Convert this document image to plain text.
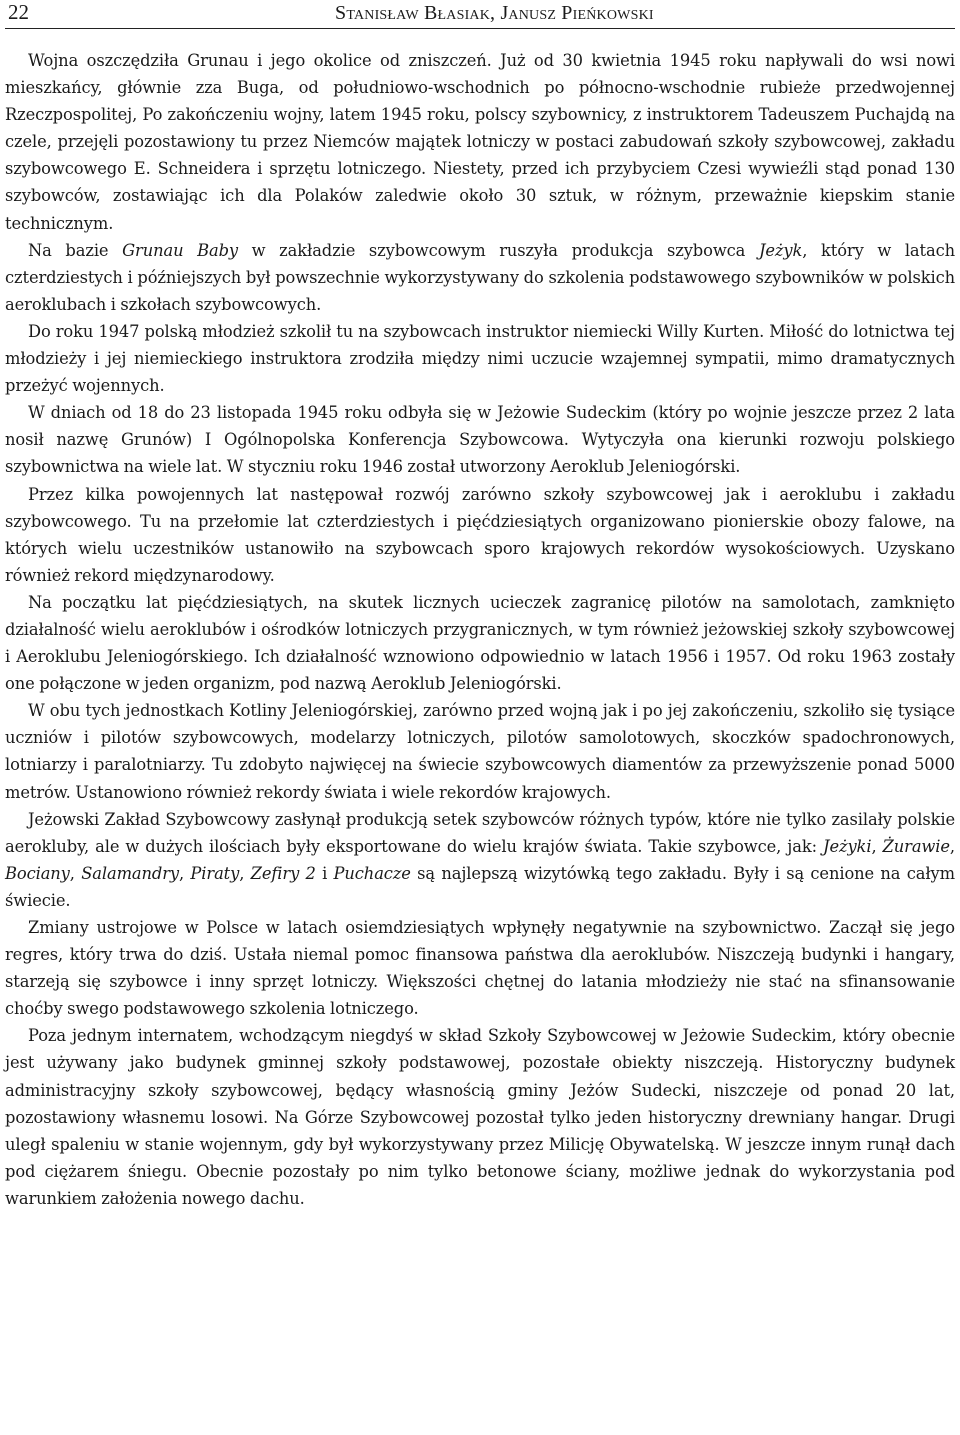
22	Stanisław Błasiak, Janusz Pieńkowski

Wojna oszczędziła Grunau i jego okolice od zniszczeń. Już od 30 kwietnia 1945 roku napływali do wsi nowi mieszkańcy, głównie zza Buga, od południowo-wschodnich po północno-wschodnie rubieże przedwojennej Rzeczpospolitej, Po zakończeniu wojny, latem 1945 roku, polscy szybownicy, z instruktorem Tadeuszem Puchajdą na czele, przejęli pozostawiony tu przez Niemców majątek lotniczy w postaci zabudowań szkoły szybowcowej, zakładu szybowcowego E. Schneidera i sprzętu lotniczego. Niestety, przed ich przybyciem Czesi wywieźli stąd ponad 130 szybowców, zostawiając ich dla Polaków zaledwie około 30 sztuk, w różnym, przeważnie kiepskim stanie technicznym.

Na bazie Grunau Baby w zakładzie szybowcowym ruszyła produkcja szybowca Jeżyk, który w latach czterdziestych i późniejszych był powszechnie wykorzystywany do szkolenia podstawowego szybowników w polskich aeroklubach i szkołach szybowcowych.

Do roku 1947 polską młodzież szkolił tu na szybowcach instruktor niemiecki Willy Kurten. Miłość do lotnictwa tej młodzieży i jej niemieckiego instruktora zrodziła między nimi uczucie wzajemnej sympatii, mimo dramatycznych przeżyć wojennych.

W dniach od 18 do 23 listopada 1945 roku odbyła się w Jeżowie Sudeckim (który po wojnie jeszcze przez 2 lata nosił nazwę Grunów) I Ogólnopolska Konferencja Szybowcowa. Wytyczyła ona kierunki rozwoju polskiego szybownictwa na wiele lat. W styczniu roku 1946 został utworzony Aeroklub Jeleniogórski.

Przez kilka powojennych lat następował rozwój zarówno szkoły szybowcowej jak i aeroklubu i zakładu szybowcowego. Tu na przełomie lat czterdziestych i pięćdziesiątych organizowano pionierskie obozy falowe, na których wielu uczestników ustanowiło na szybowcach sporo krajowych rekordów wysokościowych. Uzyskano również rekord międzynarodowy.

Na początku lat pięćdziesiątych, na skutek licznych ucieczek zagranicę pilotów na samolotach, zamknięto działalność wielu aeroklubów i ośrodków lotniczych przygranicznych, w tym również jeżowskiej szkoły szybowcowej i Aeroklubu Jeleniogórskiego. Ich działalność wznowiono odpowiednio w latach 1956 i 1957. Od roku 1963 zostały one połączone w jeden organizm, pod nazwą Aeroklub Jeleniogórski.

W obu tych jednostkach Kotliny Jeleniogórskiej, zarówno przed wojną jak i po jej zakończeniu, szkoliło się tysiące uczniów i pilotów szybowcowych, modelarzy lotniczych, pilotów samolotowych, skoczków spadochronowych, lotniarzy i paralotniarzy. Tu zdobyto najwięcej na świecie szybowcowych diamentów za przewyższenie ponad 5000 metrów. Ustanowiono również rekordy świata i wiele rekordów krajowych.

Jeżowski Zakład Szybowcowy zasłynął produkcją setek szybowców różnych typów, które nie tylko zasilały polskie aerokluby, ale w dużych ilościach były eksportowane do wielu krajów świata. Takie szybowce, jak: Jeżyki, Żurawie, Bociany, Salamandry, Piraty, Zefiry 2 i Puchacze są najlepszą wizytówką tego zakładu. Były i są cenione na całym świecie.

Zmiany ustrojowe w Polsce w latach osiemdziesiątych wpłynęły negatywnie na szybownictwo. Zaczął się jego regres, który trwa do dziś. Ustała niemal pomoc finansowa państwa dla aeroklubów. Niszczeją budynki i hangary, starzeją się szybowce i inny sprzęt lotniczy. Większości chętnej do latania młodzieży nie stać na sfinansowanie choćby swego podstawowego szkolenia lotniczego.

Poza jednym internatem, wchodzącym niegdyś w skład Szkoły Szybowcowej w Jeżowie Sudeckim, który obecnie jest używany jako budynek gminnej szkoły podstawowej, pozostałe obiekty niszczeją. Historyczny budynek administracyjny szkoły szybowcowej, będący własnością gminy Jeżów Sudecki, niszczeje od ponad 20 lat, pozostawiony własnemu losowi. Na Górze Szybowcowej pozostał tylko jeden historyczny drewniany hangar. Drugi uległ spaleniu w stanie wojennym, gdy był wykorzystywany przez Milicję Obywatelską. W jeszcze innym runął dach pod ciężarem śniegu. Obecnie pozostały po nim tylko betonowe ściany, możliwe jednak do wykorzystania pod warunkiem założenia nowego dachu.
